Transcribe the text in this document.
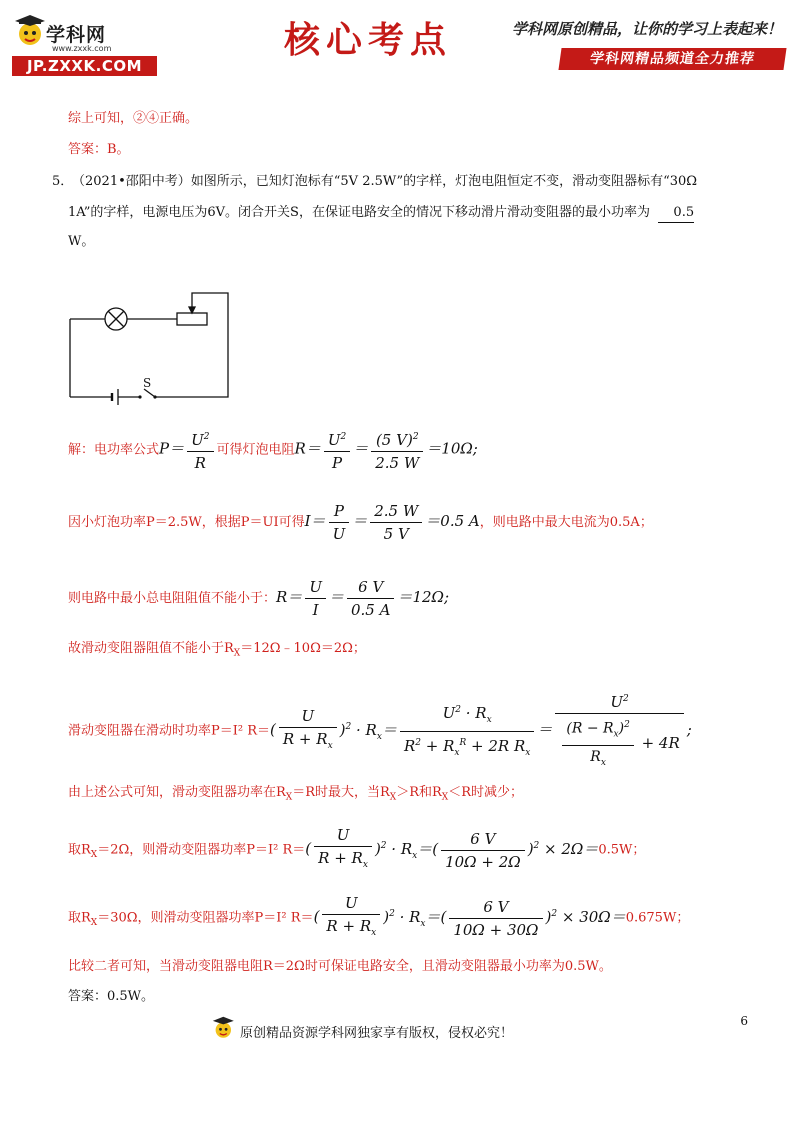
学科网
www.zxxk.com
JP.ZXXK.COM
核心考点	学科网原创精品，让你的学习上表起来！
学科网精品频道全力推荐
综上可知，②④正确。
答案：B。
5．
（2021•邵阳中考）如图所示，已知灯泡标有“5V 2.5W”的字样，灯泡电阻恒定不变，滑动变阻器标有“30Ω
1A”的字样，电源电压为6V。闭合开关S，在保证电路安全的情况下移动滑片滑动变阻器的最小功率为 0.5
W。
S
解：电功率公式$P= \frac{U^2}{R}$ 可得灯泡电阻$R= \frac{U^2}{P} = \frac{(5 V)^2}{2.5 W} =10\Omega$;
因小灯泡功率P＝2.5W，根据P＝UI可得$I= \frac{P}{U} = \frac{2.5 W}{5 V} =0.5$ A，则电路中最大电流为0.5A；
则电路中最小总电阻阻值不能小于：$R= \frac{U}{I} = \frac{6 V}{0.5 A} =12\Omega$;
故滑动变阻器阻值不能小于$R_X=12\Omega﹣10\Omega=2\Omega$；
滑动变阻器在滑动时功率P＝I² $R=( \frac{U}{R + R_x} )^2 \cdot R_x= \frac{U^2 \cdot R_x}{R^2 + R_x^R + 2R R_x} = \frac{U^2}{\frac{(R - R_x)^2}{R_x} + 4R}$ ;
由上述公式可知，滑动变阻器功率在$R_X=R$时最大，当$R_X>R$和$R_X<R$时减少；
取$R_X=2\Omega$，则滑动变阻器功率P＝I² $R=( \frac{U}{R + R_x} )^2 \cdot R_x=( \frac{6 V}{10\Omega + 2\Omega} )^2 \times 2\Omega=0.5W$；
取$R_X=30\Omega$，则滑动变阻器功率P＝I² $R=( \frac{U}{R + R_x} )^2 \cdot R_x=( \frac{6 V}{10\Omega + 30\Omega} )^2 \times 30\Omega=0.675W$；
比较二者可知，当滑动变阻器电阻R＝2Ω时可保证电路安全，且滑动变阻器最小功率为0.5W。
答案：0.5W。
6
原创精品资源学科网独家享有版权，侵权必究！
